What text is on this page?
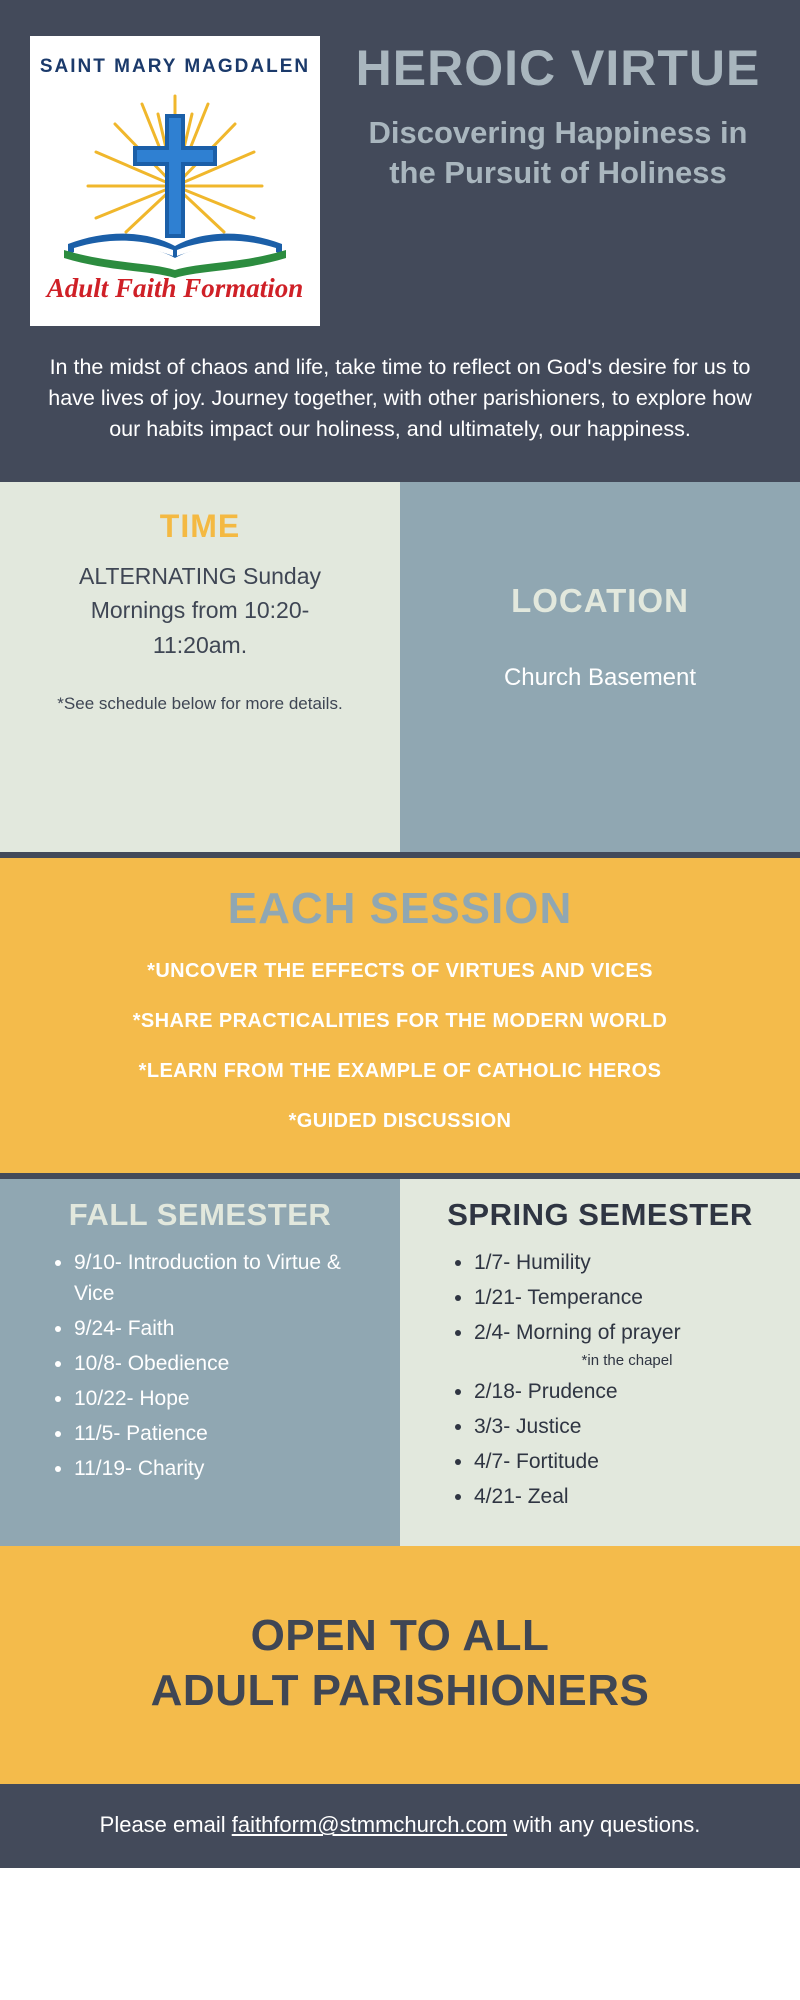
SAINT MARY MAGDALEN
Adult Faith Formation
HEROIC VIRTUE
Discovering Happiness in the Pursuit of Holiness
In the midst of chaos and life, take time to reflect on God's desire for us to have lives of joy. Journey together, with other parishioners, to explore how our habits impact our holiness, and ultimately, our happiness.
TIME
ALTERNATING Sunday Mornings from 10:20-11:20am.
*See schedule below for more details.
LOCATION
Church Basement
EACH SESSION
*UNCOVER THE EFFECTS OF VIRTUES AND VICES
*SHARE PRACTICALITIES FOR THE MODERN WORLD
*LEARN FROM THE EXAMPLE OF CATHOLIC HEROS
*GUIDED DISCUSSION
FALL SEMESTER
• 9/10- Introduction to Virtue & Vice
• 9/24- Faith
• 10/8- Obedience
• 10/22- Hope
• 11/5- Patience
• 11/19- Charity
SPRING SEMESTER
• 1/7- Humility
• 1/21- Temperance
• 2/4- Morning of prayer
*in the chapel
• 2/18- Prudence
• 3/3- Justice
• 4/7- Fortitude
• 4/21- Zeal
OPEN TO ALL
ADULT PARISHIONERS
Please email faithform@stmmchurch.com with any questions.
